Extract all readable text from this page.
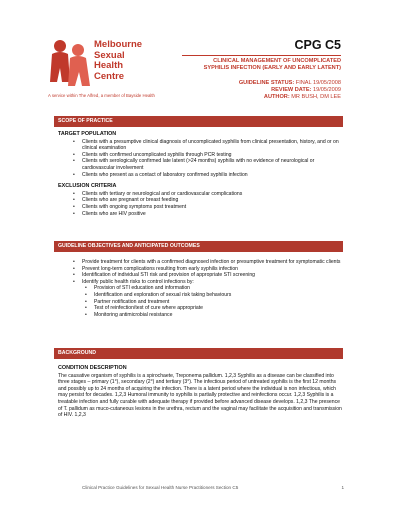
Melbourne
Sexual
Health
Centre
A service within The Alfred, a member of Bayside Health
CPG C5
CLINICAL MANAGEMENT OF UNCOMPLICATED
SYPHILIS INFECTION (EARLY AND EARLY LATENT)
GUIDELINE STATUS: FINAL 19/05/2008
REVIEW DATE: 19/05/2009
AUTHOR: MR BUSH, DM LEE
SCOPE OF PRACTICE
TARGET POPULATION
• Clients with a presumptive clinical diagnosis of uncomplicated syphilis from clinical presentation, history, and or on clinical examination
• Clients with confirmed uncomplicated syphilis through PCR testing
• Clients with serologically confirmed late latent (>24 months) syphilis with no evidence of neurological or cardiovascular involvement
• Clients who present as a contact of laboratory confirmed syphilis infection
EXCLUSION CRITERIA
• Clients with tertiary or neurological and or cardiovascular complications
• Clients who are pregnant or breast feeding
• Clients with ongoing symptoms post treatment
• Clients who are HIV positive
GUIDELINE OBJECTIVES AND ANTICIPATED OUTCOMES
• Provide treatment for clients with a confirmed diagnosed infection or presumptive treatment for symptomatic clients
• Prevent long-term complications resulting from early syphilis infection
• Identification of individual STI risk and provision of appropriate STI screening
• Identify public health risks to control infections by:
• Provision of STI education and information
• Identification and exploration of sexual risk taking behaviours
• Partner notification and treatment
• Test of reinfection/test of cure where appropriate
• Monitoring antimicrobial resistance
BACKGROUND
CONDITION DESCRIPTION

The causative organism of syphilis is a spirochaete, Treponema pallidum. 1,2,3 Syphilis as a disease can be classified into three stages – primary (1°), secondary (2°) and tertiary (3°). The infectious period of untreated syphilis is the first 12 months and possibly up to 24 months of acquiring the infection. There is a latent period where the individual is non infectious, which may persist for decades. 1,2,3 Humoral immunity to syphilis is partially protective and reinfections occur. 1,2,3 Syphilis is a treatable infection and fully curable with adequate therapy if provided before advanced disease develops. 1,2,3 The presence of T. pallidum as muco-cutaneous lesions in the urethra, rectum and the vaginal may facilitate the acquisition and transmission of HIV. 1,2,3

Clinical Practice Guidelines for Sexual Health Nurse Practitioners Section C5	1
